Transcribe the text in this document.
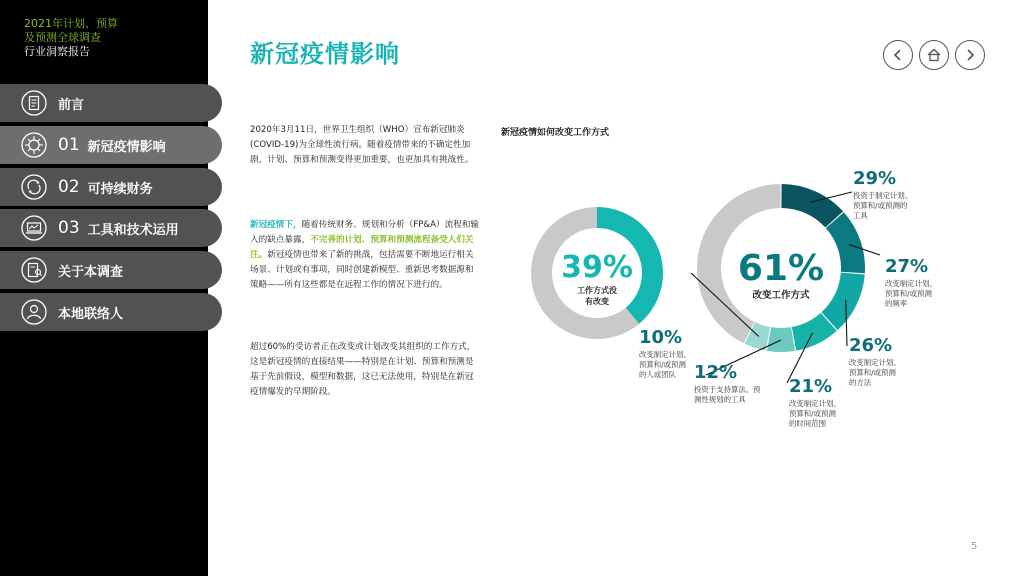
2021年计划、预算
及预测全球调查
行业洞察报告
前言
01 新冠疫情影响
02 可持续财务
03 工具和技术运用
关于本调查
本地联络人
新冠疫情影响
2020年3月11日，世界卫生组织（WHO）宣布新冠肺炎(COVID-19)为全球性流行病。随着疫情带来的不确定性加剧，计划、预算和预测变得更加重要，也更加具有挑战性。
新冠疫情下，随着传统财务、规划和分析（FP&A）流程和输入的缺点暴露，不完善的计划、预算和预测流程备受人们关注。新冠疫情也带来了新的挑战，包括需要不断地运行相关场景、计划或有事项，同时创建新模型、重新思考数据源和策略——所有这些都是在远程工作的情况下进行的。
超过60%的受访者正在改变或计划改变其组织的工作方式，这是新冠疫情的直接结果——特别是在计划、预算和预测是基于先前假设，模型和数据，这已无法使用，特别是在新冠疫情爆发的早期阶段。
新冠疫情如何改变工作方式
39%
工作方式没
有改变
61%
改变工作方式
29%
投资于制定计划、
预算和/或预测的
工具
27%
改变制定计划、
预算和/或预测
的频率
26%
改变制定计划、
预算和/或预测
的方法
21%
改变制定计划、
预算和/或预测
的时间范围
12%
投资于支持算法、预
测性规划的工具
10%
改变制定计划、
预算和/或预测
的人或团队
5
